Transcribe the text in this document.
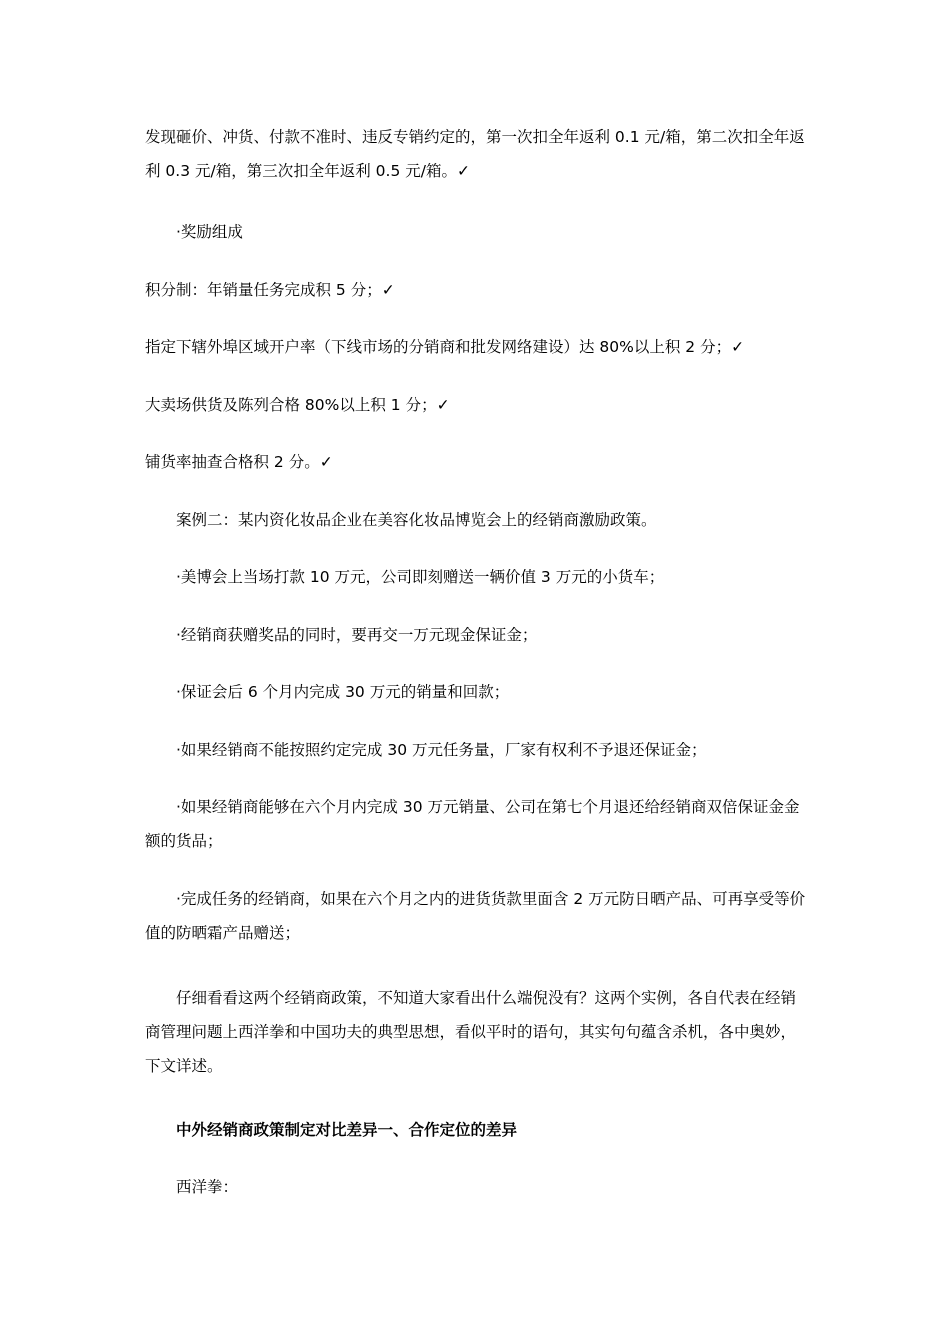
发现砸价、冲货、付款不准时、违反专销约定的，第一次扣全年返利 0.1 元/箱，第二次扣全年返利 0.3 元/箱，第三次扣全年返利 0.5 元/箱。✓

·奖励组成

积分制：年销量任务完成积 5 分；✓

指定下辖外埠区域开户率（下线市场的分销商和批发网络建设）达 80%以上积 2 分；✓

大卖场供货及陈列合格 80%以上积 1 分；✓

铺货率抽查合格积 2 分。✓

案例二：某内资化妆品企业在美容化妆品博览会上的经销商激励政策。

·美博会上当场打款 10 万元，公司即刻赠送一辆价值 3 万元的小货车；

·经销商获赠奖品的同时，要再交一万元现金保证金；

·保证会后 6 个月内完成 30 万元的销量和回款；

·如果经销商不能按照约定完成 30 万元任务量，厂家有权利不予退还保证金；

·如果经销商能够在六个月内完成 30 万元销量、公司在第七个月退还给经销商双倍保证金金额的货品；

·完成任务的经销商，如果在六个月之内的进货货款里面含 2 万元防日晒产品、可再享受等价值的防晒霜产品赠送；

仔细看看这两个经销商政策，不知道大家看出什么端倪没有？这两个实例，各自代表在经销商管理问题上西洋拳和中国功夫的典型思想，看似平时的语句，其实句句蕴含杀机，各中奥妙，下文详述。

中外经销商政策制定对比差异一、合作定位的差异

西洋拳：
